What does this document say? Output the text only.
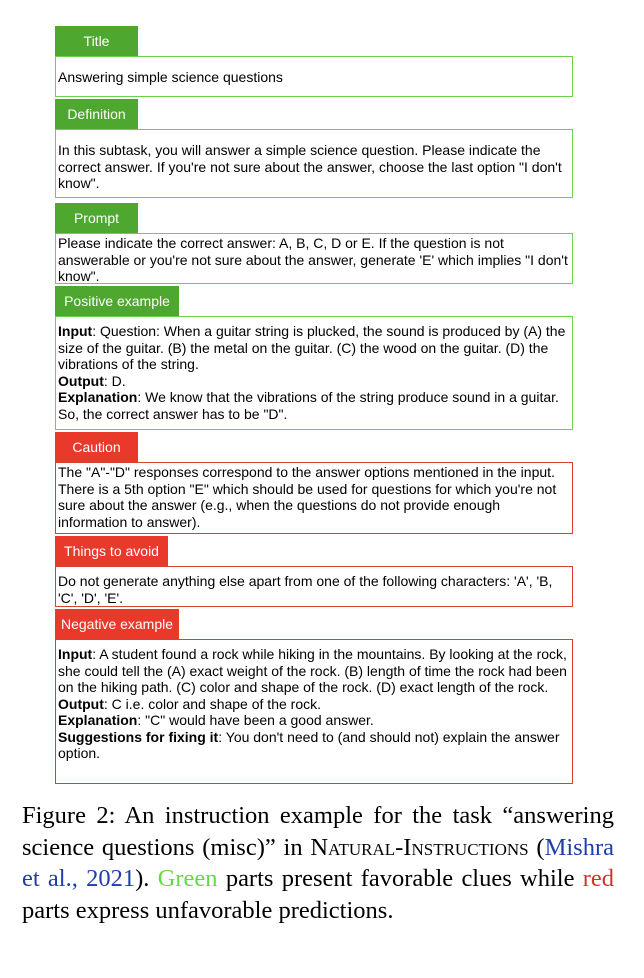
Title
Answering simple science questions
Definition
In this subtask, you will answer a simple science question. Please indicate the correct answer. If you're not sure about the answer, choose the last option "I don't know".
Prompt
Please indicate the correct answer: A, B, C, D or E. If the question is not answerable or you're not sure about the answer, generate 'E' which implies "I don't know".
Positive example
Input: Question: When a guitar string is plucked, the sound is produced by (A) the size of the guitar. (B) the metal on the guitar. (C) the wood on the guitar. (D) the vibrations of the string.
Output: D.
Explanation: We know that the vibrations of the string produce sound in a guitar. So, the correct answer has to be "D".
Caution
The "A"-"D" responses correspond to the answer options mentioned in the input. There is a 5th option "E" which should be used for questions for which you're not sure about the answer (e.g., when the questions do not provide enough information to answer).
Things to avoid
Do not generate anything else apart from one of the following characters: 'A', 'B, 'C', 'D', 'E'.
Negative example
Input: A student found a rock while hiking in the mountains. By looking at the rock, she could tell the (A) exact weight of the rock. (B) length of time the rock had been on the hiking path. (C) color and shape of the rock. (D) exact length of the rock.
Output: C i.e. color and shape of the rock.
Explanation: "C" would have been a good answer.
Suggestions for fixing it: You don't need to (and should not) explain the answer option.
Figure 2: An instruction example for the task “answering science questions (misc)” in Natural-Instructions (Mishra et al., 2021). Green parts present favorable clues while red parts express unfavorable predictions.
